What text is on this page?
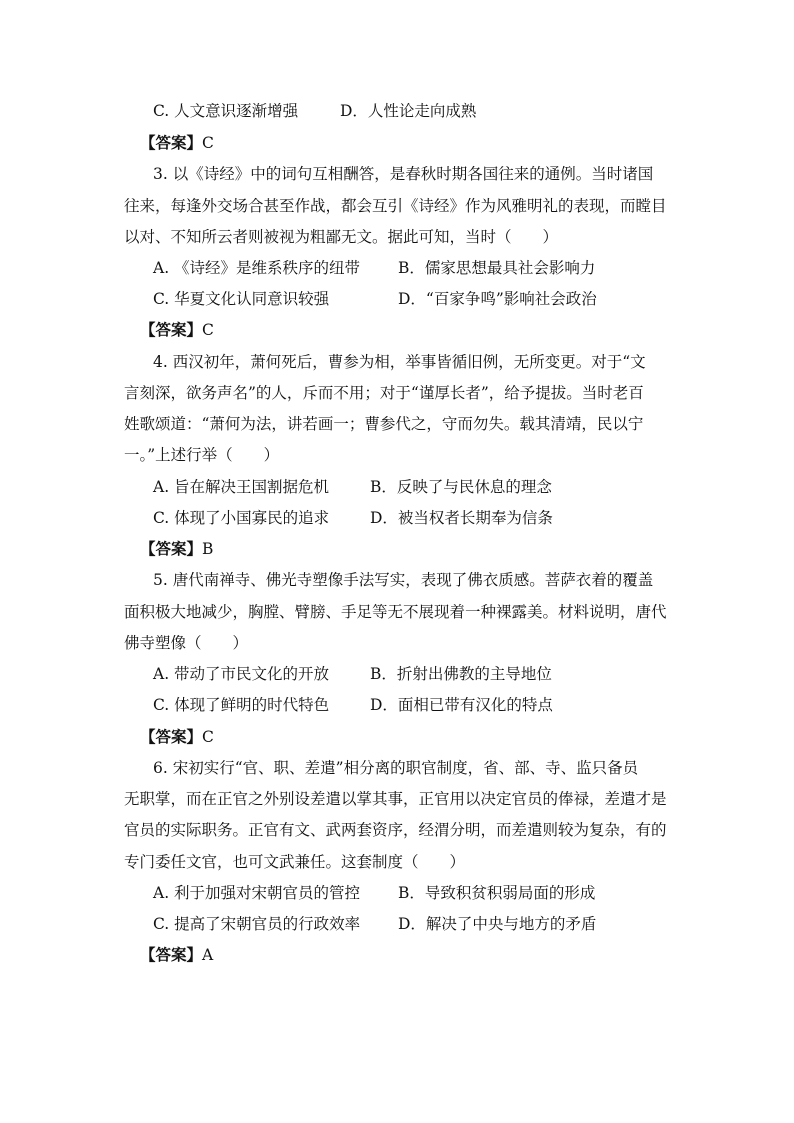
C. 人文意识逐渐增强	D．人性论走向成熟
【答案】C
3. 以《诗经》中的词句互相酬答，是春秋时期各国往来的通例。当时诸国
往来，每逢外交场合甚至作战，都会互引《诗经》作为风雅明礼的表现，而瞠目
以对、不知所云者则被视为粗鄙无文。据此可知，当时（　　）
A. 《诗经》是维系秩序的纽带 B．儒家思想最具社会影响力
C. 华夏文化认同意识较强	D．“百家争鸣”影响社会政治
【答案】C
4. 西汉初年，萧何死后，曹参为相，举事皆循旧例，无所变更。对于“文
言刻深，欲务声名”的人，斥而不用；对于“谨厚长者”，给予提拔。当时老百
姓歌颂道：“萧何为法，讲若画一；曹参代之，守而勿失。载其清靖，民以宁
一。”上述行举（　　）
A. 旨在解决王国割据危机	B．反映了与民休息的理念
C. 体现了小国寡民的追求	D．被当权者长期奉为信条
【答案】B
5. 唐代南禅寺、佛光寺塑像手法写实，表现了佛衣质感。菩萨衣着的覆盖
面积极大地减少，胸膛、臂膀、手足等无不展现着一种裸露美。材料说明，唐代
佛寺塑像（　　）
A. 带动了市民文化的开放	B．折射出佛教的主导地位
C. 体现了鲜明的时代特色	D．面相已带有汉化的特点
【答案】C
6. 宋初实行“官、职、差遣”相分离的职官制度，省、部、寺、监只备员
无职掌，而在正官之外别设差遣以掌其事，正官用以决定官员的俸禄，差遣才是
官员的实际职务。正官有文、武两套资序，经渭分明，而差遣则较为复杂，有的
专门委任文官，也可文武兼任。这套制度（　　）
A. 利于加强对宋朝官员的管控 B．导致积贫积弱局面的形成
C. 提高了宋朝官员的行政效率 D．解决了中央与地方的矛盾
【答案】A
